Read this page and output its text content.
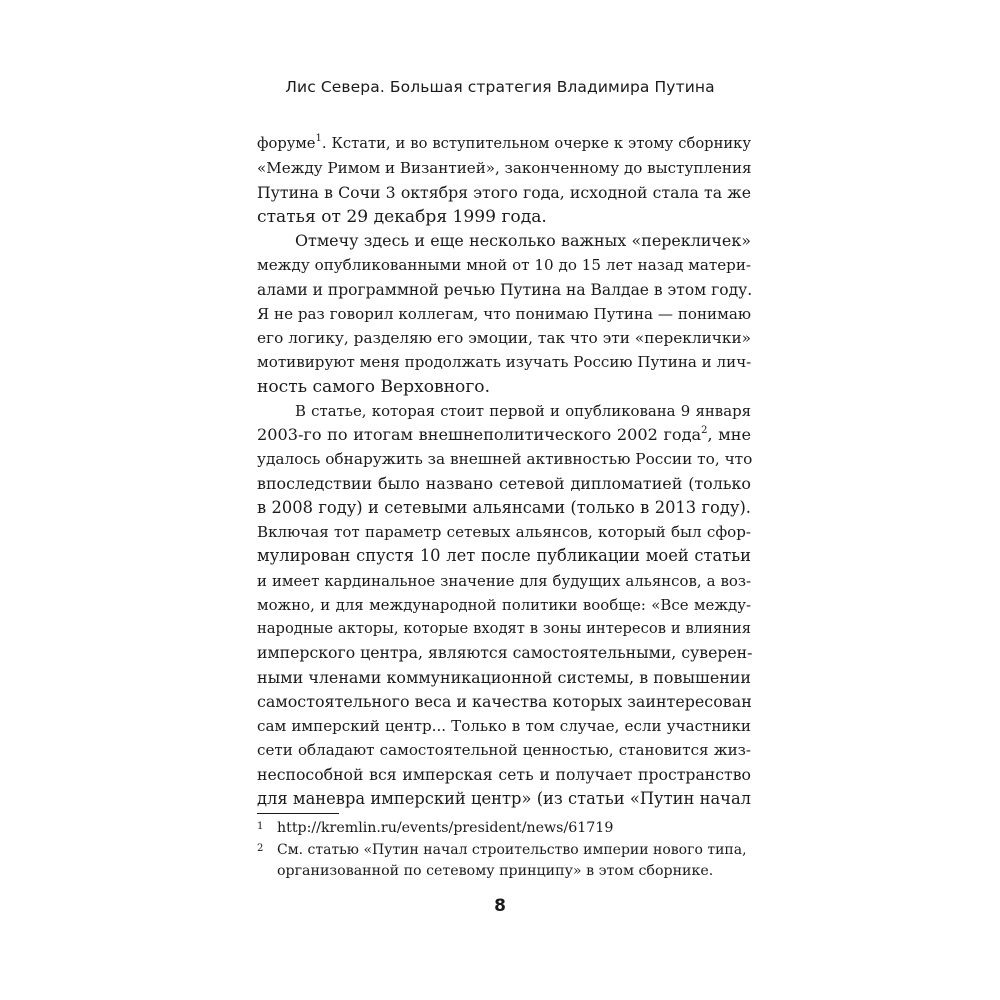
Лис Севера. Большая стратегия Владимира Путина
форуме$^1$. Кстати, и во вступительном очерке к этому сборнику
«Между Римом и Византией», законченному до выступления
Путина в Сочи 3 октября этого года, исходной стала та же
статья от 29 декабря 1999 года.
Отмечу здесь и еще несколько важных «перекличек»
между опубликованными мной от 10 до 15 лет назад матери-
алами и программной речью Путина на Валдае в этом году.
Я не раз говорил коллегам, что понимаю Путина — понимаю
его логику, разделяю его эмоции, так что эти «переклички»
мотивируют меня продолжать изучать Россию Путина и лич-
ность самого Верховного.
В статье, которая стоит первой и опубликована 9 января
2003-го по итогам внешнеполитического 2002 года$^2$, мне
удалось обнаружить за внешней активностью России то, что
впоследствии было названо сетевой дипломатией (только
в 2008 году) и сетевыми альянсами (только в 2013 году).
Включая тот параметр сетевых альянсов, который был сфор-
мулирован спустя 10 лет после публикации моей статьи
и имеет кардинальное значение для будущих альянсов, а воз-
можно, и для международной политики вообще: «Все между-
народные акторы, которые входят в зоны интересов и влияния
имперского центра, являются самостоятельными, суверен-
ными членами коммуникационной системы, в повышении
самостоятельного веса и качества которых заинтересован
сам имперский центр... Только в том случае, если участники
сети обладают самостоятельной ценностью, становится жиз-
неспособной вся имперская сеть и получает пространство
для маневра имперский центр» (из статьи «Путин начал
1 http://kremlin.ru/events/president/news/61719
2 См. статью «Путин начал строительство империи нового типа,
организованной по сетевому принципу» в этом сборнике.
8
